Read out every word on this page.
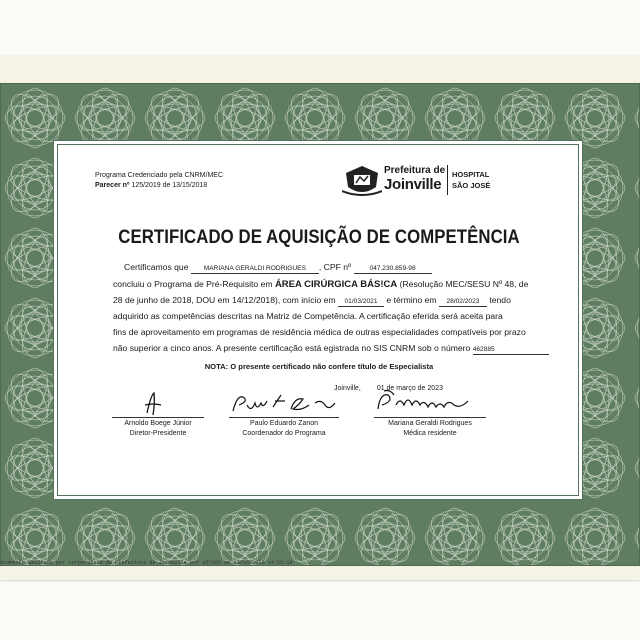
Programa Credenciado pela CNRM/MEC
Parecer nº 125/2019 de 13/15/2018
Prefeitura de
Joinville
HOSPITAL
SÃO JOSÉ
CERTIFICADO DE AQUISIÇÃO DE COMPETÊNCIA
Certificamos que MARIANA GERALDI RODRIGUES , CPF nº	047.230.859-98
concluiu o Programa de Pré-Requisito em ÁREA CIRÚRGICA BÁS!CA (Resolução MEC/SESU Nº 48, de
28 de junho de 2018, DOU em 14/12/2018), com início em 01/03/2021 e término em 28/02/2023 tendo
adquirido as competências descritas na Matriz de Competência. A certificação eferida será aceita para
fins de aproveitamento em programas de residência médica de outras especialidades compatíveis por prazo
não superior a cinco anos. A presente certificação está egistrada no SIS CNRM sob o número 462885
NOTA: O presente certificado não confere título de Especialista
Joinville, 01 de março de 2023
Arnoldo Boege Júnior
Diretor-Presidente
Paulo Eduardo Zanon
Coordenador do Programa
Mariana Geraldi Rodrigues
Médica residente
ocumento assinado por corporativo da Prefeitura de Joinville por u57365 em 13/03/2023 14:55:19
